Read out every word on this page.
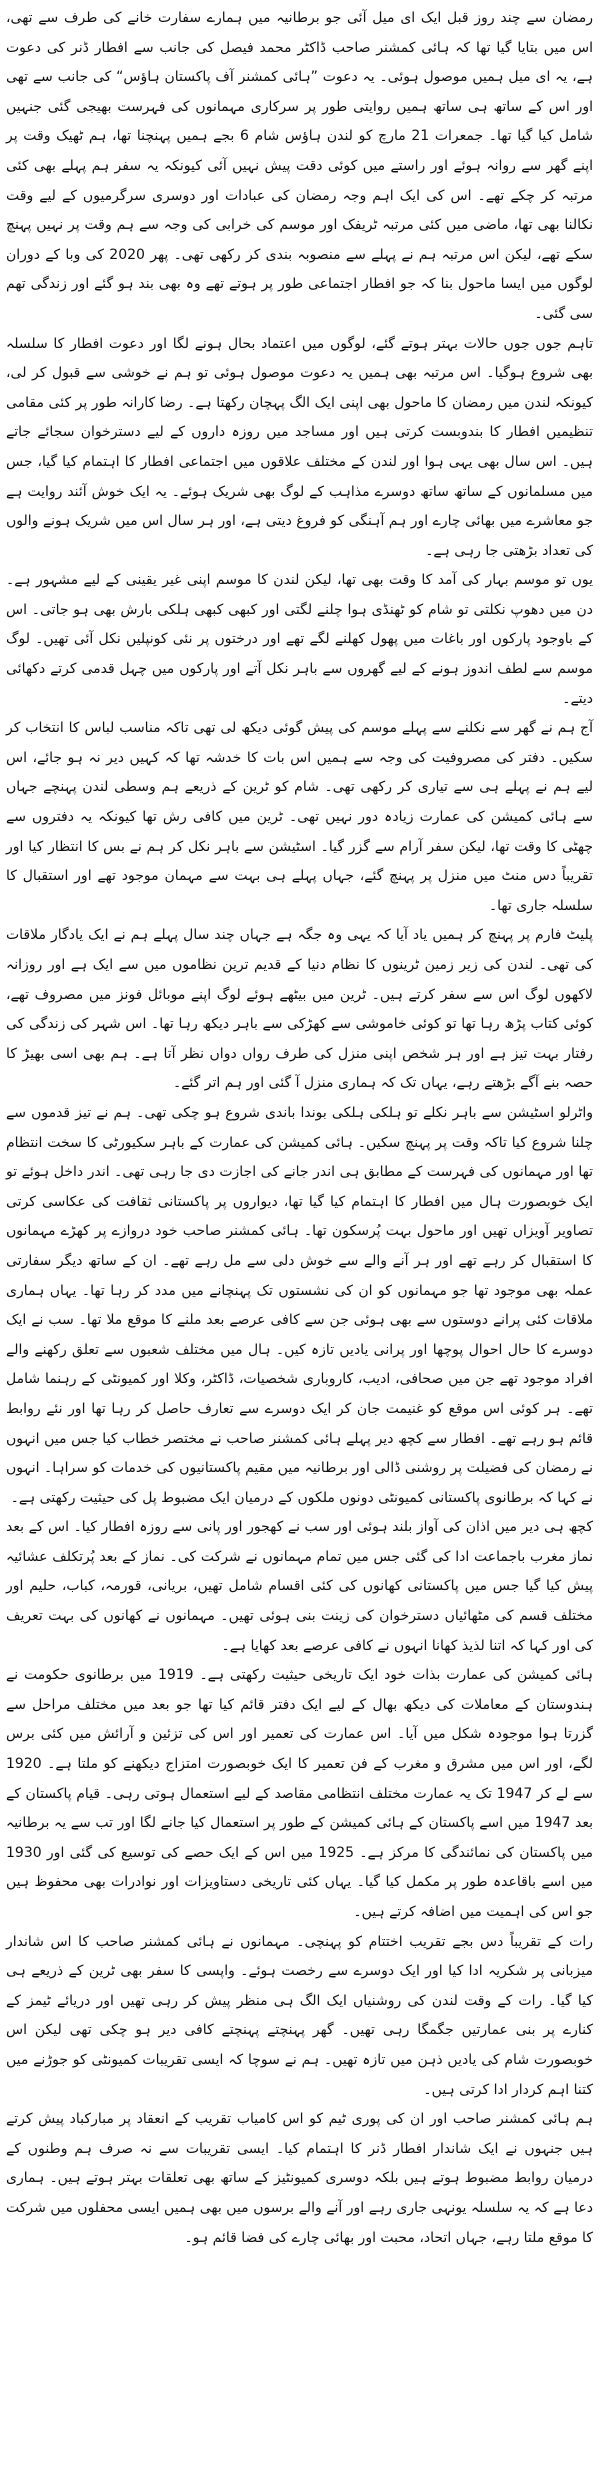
رمضان سے چند روز قبل ایک ای میل آئی جو برطانیہ میں ہمارے سفارت خانے کی طرف سے تھی، اس میں بتایا گیا تھا کہ ہائی کمشنر صاحب ڈاکٹر محمد فیصل کی جانب سے افطار ڈنر کی دعوت ہے، یہ ای میل ہمیں موصول ہوئی۔ یہ دعوت ”ہائی کمشنر آف پاکستان ہاؤس“ کی جانب سے تھی اور اس کے ساتھ ہی ساتھ ہمیں روایتی طور پر سرکاری مہمانوں کی فہرست بھیجی گئی جنہیں شامل کیا گیا تھا۔ جمعرات 21 مارچ کو لندن ہاؤس شام 6 بجے ہمیں پہنچنا تھا، ہم ٹھیک وقت پر اپنے گھر سے روانہ ہوئے اور راستے میں کوئی دقت پیش نہیں آئی کیونکہ یہ سفر ہم پہلے بھی کئی مرتبہ کر چکے تھے۔ اس کی ایک اہم وجہ رمضان کی عبادات اور دوسری سرگرمیوں کے لیے وقت نکالنا بھی تھا، ماضی میں کئی مرتبہ ٹریفک اور موسم کی خرابی کی وجہ سے ہم وقت پر نہیں پہنچ سکے تھے، لیکن اس مرتبہ ہم نے پہلے سے منصوبہ بندی کر رکھی تھی۔ پھر 2020 کی وبا کے دوران لوگوں میں ایسا ماحول بنا کہ جو افطار اجتماعی طور پر ہوتے تھے وہ بھی بند ہو گئے اور زندگی تھم سی گئی۔

تاہم جوں جوں حالات بہتر ہوتے گئے، لوگوں میں اعتماد بحال ہونے لگا اور دعوت افطار کا سلسلہ بھی شروع ہوگیا۔ اس مرتبہ بھی ہمیں یہ دعوت موصول ہوئی تو ہم نے خوشی سے قبول کر لی، کیونکہ لندن میں رمضان کا ماحول بھی اپنی ایک الگ پہچان رکھتا ہے۔ رضا کارانہ طور پر کئی مقامی تنظیمیں افطار کا بندوبست کرتی ہیں اور مساجد میں روزہ داروں کے لیے دسترخوان سجائے جاتے ہیں۔ اس سال بھی یہی ہوا اور لندن کے مختلف علاقوں میں اجتماعی افطار کا اہتمام کیا گیا، جس میں مسلمانوں کے ساتھ ساتھ دوسرے مذاہب کے لوگ بھی شریک ہوئے۔ یہ ایک خوش آئند روایت ہے جو معاشرے میں بھائی چارے اور ہم آہنگی کو فروغ دیتی ہے، اور ہر سال اس میں شریک ہونے والوں کی تعداد بڑھتی جا رہی ہے۔

یوں تو موسم بہار کی آمد کا وقت بھی تھا، لیکن لندن کا موسم اپنی غیر یقینی کے لیے مشہور ہے۔ دن میں دھوپ نکلتی تو شام کو ٹھنڈی ہوا چلنے لگتی اور کبھی کبھی ہلکی بارش بھی ہو جاتی۔ اس کے باوجود پارکوں اور باغات میں پھول کھلنے لگے تھے اور درختوں پر نئی کونپلیں نکل آئی تھیں۔ لوگ موسم سے لطف اندوز ہونے کے لیے گھروں سے باہر نکل آتے اور پارکوں میں چہل قدمی کرتے دکھائی دیتے۔

آج ہم نے گھر سے نکلنے سے پہلے موسم کی پیش گوئی دیکھ لی تھی تاکہ مناسب لباس کا انتخاب کر سکیں۔ دفتر کی مصروفیت کی وجہ سے ہمیں اس بات کا خدشہ تھا کہ کہیں دیر نہ ہو جائے، اس لیے ہم نے پہلے ہی سے تیاری کر رکھی تھی۔ شام کو ٹرین کے ذریعے ہم وسطی لندن پہنچے جہاں سے ہائی کمیشن کی عمارت زیادہ دور نہیں تھی۔ ٹرین میں کافی رش تھا کیونکہ یہ دفتروں سے چھٹی کا وقت تھا، لیکن سفر آرام سے گزر گیا۔ اسٹیشن سے باہر نکل کر ہم نے بس کا انتظار کیا اور تقریباً دس منٹ میں منزل پر پہنچ گئے، جہاں پہلے ہی بہت سے مہمان موجود تھے اور استقبال کا سلسلہ جاری تھا۔

پلیٹ فارم پر پہنچ کر ہمیں یاد آیا کہ یہی وہ جگہ ہے جہاں چند سال پہلے ہم نے ایک یادگار ملاقات کی تھی۔ لندن کی زیر زمین ٹرینوں کا نظام دنیا کے قدیم ترین نظاموں میں سے ایک ہے اور روزانہ لاکھوں لوگ اس سے سفر کرتے ہیں۔ ٹرین میں بیٹھے ہوئے لوگ اپنے موبائل فونز میں مصروف تھے، کوئی کتاب پڑھ رہا تھا تو کوئی خاموشی سے کھڑکی سے باہر دیکھ رہا تھا۔ اس شہر کی زندگی کی رفتار بہت تیز ہے اور ہر شخص اپنی منزل کی طرف رواں دواں نظر آتا ہے۔ ہم بھی اسی بھیڑ کا حصہ بنے آگے بڑھتے رہے، یہاں تک کہ ہماری منزل آ گئی اور ہم اتر گئے۔

واٹرلو اسٹیشن سے باہر نکلے تو ہلکی ہلکی بوندا باندی شروع ہو چکی تھی۔ ہم نے تیز قدموں سے چلنا شروع کیا تاکہ وقت پر پہنچ سکیں۔ ہائی کمیشن کی عمارت کے باہر سکیورٹی کا سخت انتظام تھا اور مہمانوں کی فہرست کے مطابق ہی اندر جانے کی اجازت دی جا رہی تھی۔ اندر داخل ہوئے تو ایک خوبصورت ہال میں افطار کا اہتمام کیا گیا تھا، دیواروں پر پاکستانی ثقافت کی عکاسی کرتی تصاویر آویزاں تھیں اور ماحول بہت پُرسکون تھا۔ ہائی کمشنر صاحب خود دروازے پر کھڑے مہمانوں کا استقبال کر رہے تھے اور ہر آنے والے سے خوش دلی سے مل رہے تھے۔ ان کے ساتھ دیگر سفارتی عملہ بھی موجود تھا جو مہمانوں کو ان کی نشستوں تک پہنچانے میں مدد کر رہا تھا۔ یہاں ہماری ملاقات کئی پرانے دوستوں سے بھی ہوئی جن سے کافی عرصے بعد ملنے کا موقع ملا تھا۔ سب نے ایک دوسرے کا حال احوال پوچھا اور پرانی یادیں تازہ کیں۔ ہال میں مختلف شعبوں سے تعلق رکھنے والے افراد موجود تھے جن میں صحافی، ادیب، کاروباری شخصیات، ڈاکٹر، وکلا اور کمیونٹی کے رہنما شامل تھے۔ ہر کوئی اس موقع کو غنیمت جان کر ایک دوسرے سے تعارف حاصل کر رہا تھا اور نئے روابط قائم ہو رہے تھے۔ افطار سے کچھ دیر پہلے ہائی کمشنر صاحب نے مختصر خطاب کیا جس میں انہوں نے رمضان کی فضیلت پر روشنی ڈالی اور برطانیہ میں مقیم پاکستانیوں کی خدمات کو سراہا۔ انہوں نے کہا کہ برطانوی پاکستانی کمیونٹی دونوں ملکوں کے درمیان ایک مضبوط پل کی حیثیت رکھتی ہے۔

کچھ ہی دیر میں اذان کی آواز بلند ہوئی اور سب نے کھجور اور پانی سے روزہ افطار کیا۔ اس کے بعد نماز مغرب باجماعت ادا کی گئی جس میں تمام مہمانوں نے شرکت کی۔ نماز کے بعد پُرتکلف عشائیہ پیش کیا گیا جس میں پاکستانی کھانوں کی کئی اقسام شامل تھیں، بریانی، قورمہ، کباب، حلیم اور مختلف قسم کی مٹھائیاں دسترخوان کی زینت بنی ہوئی تھیں۔ مہمانوں نے کھانوں کی بہت تعریف کی اور کہا کہ اتنا لذیذ کھانا انہوں نے کافی عرصے بعد کھایا ہے۔

ہائی کمیشن کی عمارت بذات خود ایک تاریخی حیثیت رکھتی ہے۔ 1919 میں برطانوی حکومت نے ہندوستان کے معاملات کی دیکھ بھال کے لیے ایک دفتر قائم کیا تھا جو بعد میں مختلف مراحل سے گزرتا ہوا موجودہ شکل میں آیا۔ اس عمارت کی تعمیر اور اس کی تزئین و آرائش میں کئی برس لگے، اور اس میں مشرق و مغرب کے فن تعمیر کا ایک خوبصورت امتزاج دیکھنے کو ملتا ہے۔ 1920 سے لے کر 1947 تک یہ عمارت مختلف انتظامی مقاصد کے لیے استعمال ہوتی رہی۔ قیام پاکستان کے بعد 1947 میں اسے پاکستان کے ہائی کمیشن کے طور پر استعمال کیا جانے لگا اور تب سے یہ برطانیہ میں پاکستان کی نمائندگی کا مرکز ہے۔ 1925 میں اس کے ایک حصے کی توسیع کی گئی اور 1930 میں اسے باقاعدہ طور پر مکمل کیا گیا۔ یہاں کئی تاریخی دستاویزات اور نوادرات بھی محفوظ ہیں جو اس کی اہمیت میں اضافہ کرتے ہیں۔

رات کے تقریباً دس بجے تقریب اختتام کو پہنچی۔ مہمانوں نے ہائی کمشنر صاحب کا اس شاندار میزبانی پر شکریہ ادا کیا اور ایک دوسرے سے رخصت ہوئے۔ واپسی کا سفر بھی ٹرین کے ذریعے ہی کیا گیا۔ رات کے وقت لندن کی روشنیاں ایک الگ ہی منظر پیش کر رہی تھیں اور دریائے ٹیمز کے کنارے پر بنی عمارتیں جگمگا رہی تھیں۔ گھر پہنچتے پہنچتے کافی دیر ہو چکی تھی لیکن اس خوبصورت شام کی یادیں ذہن میں تازہ تھیں۔ ہم نے سوچا کہ ایسی تقریبات کمیونٹی کو جوڑنے میں کتنا اہم کردار ادا کرتی ہیں۔

ہم ہائی کمشنر صاحب اور ان کی پوری ٹیم کو اس کامیاب تقریب کے انعقاد پر مبارکباد پیش کرتے ہیں جنہوں نے ایک شاندار افطار ڈنر کا اہتمام کیا۔ ایسی تقریبات سے نہ صرف ہم وطنوں کے درمیان روابط مضبوط ہوتے ہیں بلکہ دوسری کمیونٹیز کے ساتھ بھی تعلقات بہتر ہوتے ہیں۔ ہماری دعا ہے کہ یہ سلسلہ یونہی جاری رہے اور آنے والے برسوں میں بھی ہمیں ایسی محفلوں میں شرکت کا موقع ملتا رہے، جہاں اتحاد، محبت اور بھائی چارے کی فضا قائم ہو۔
